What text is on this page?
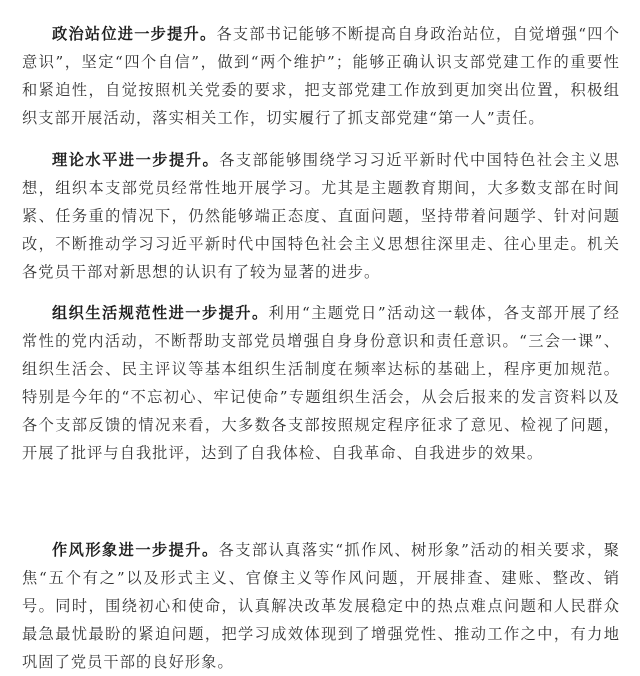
政治站位进一步提升。各支部书记能够不断提高自身政治站位，自觉增强“四个意识”，坚定“四个自信”，做到“两个维护”；能够正确认识支部党建工作的重要性和紧迫性，自觉按照机关党委的要求，把支部党建工作放到更加突出位置，积极组织支部开展活动，落实相关工作，切实履行了抓支部党建“第一人”责任。

理论水平进一步提升。各支部能够围绕学习习近平新时代中国特色社会主义思想，组织本支部党员经常性地开展学习。尤其是主题教育期间，大多数支部在时间紧、任务重的情况下，仍然能够端正态度、直面问题，坚持带着问题学、针对问题改，不断推动学习习近平新时代中国特色社会主义思想往深里走、往心里走。机关各党员干部对新思想的认识有了较为显著的进步。

组织生活规范性进一步提升。利用“主题党日”活动这一载体，各支部开展了经常性的党内活动，不断帮助支部党员增强自身身份意识和责任意识。“三会一课”、组织生活会、民主评议等基本组织生活制度在频率达标的基础上，程序更加规范。特别是今年的“不忘初心、牢记使命”专题组织生活会，从会后报来的发言资料以及各个支部反馈的情况来看，大多数各支部按照规定程序征求了意见、检视了问题，开展了批评与自我批评，达到了自我体检、自我革命、自我进步的效果。

作风形象进一步提升。各支部认真落实“抓作风、树形象”活动的相关要求，聚焦“五个有之”以及形式主义、官僚主义等作风问题，开展排查、建账、整改、销号。同时，围绕初心和使命，认真解决改革发展稳定中的热点难点问题和人民群众最急最忧最盼的紧迫问题，把学习成效体现到了增强党性、推动工作之中，有力地巩固了党员干部的良好形象。
